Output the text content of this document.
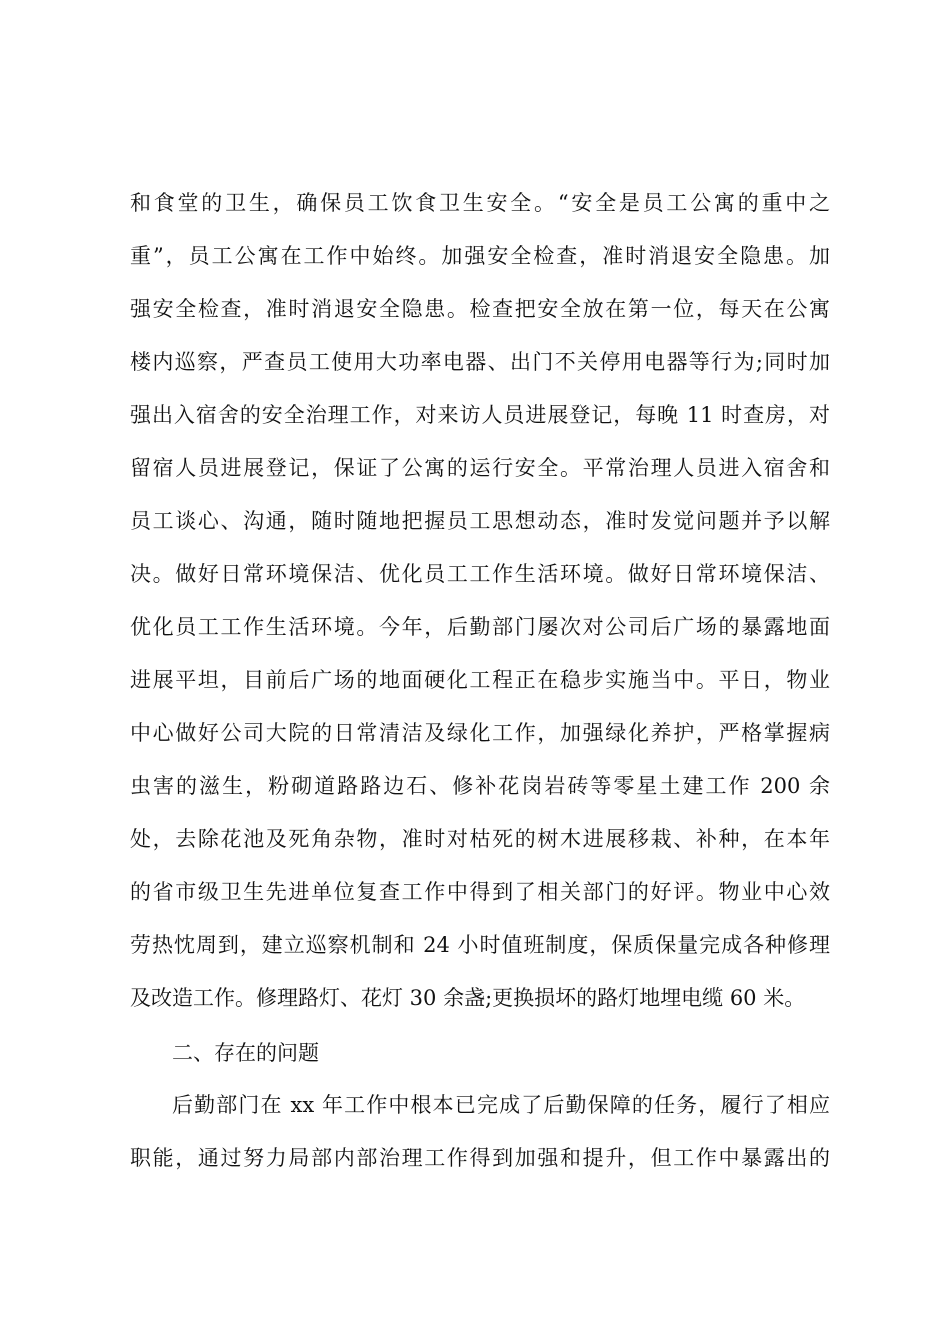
和食堂的卫生，确保员工饮食卫生安全。“安全是员工公寓的重中之
重”，员工公寓在工作中始终。加强安全检查，准时消退安全隐患。加
强安全检查，准时消退安全隐患。检查把安全放在第一位，每天在公寓
楼内巡察，严查员工使用大功率电器、出门不关停用电器等行为;同时加
强出入宿舍的安全治理工作，对来访人员进展登记，每晚 11 时查房，对
留宿人员进展登记，保证了公寓的运行安全。平常治理人员进入宿舍和
员工谈心、沟通，随时随地把握员工思想动态，准时发觉问题并予以解
决。做好日常环境保洁、优化员工工作生活环境。做好日常环境保洁、
优化员工工作生活环境。今年，后勤部门屡次对公司后广场的暴露地面
进展平坦，目前后广场的地面硬化工程正在稳步实施当中。平日，物业
中心做好公司大院的日常清洁及绿化工作，加强绿化养护，严格掌握病
虫害的滋生，粉砌道路路边石、修补花岗岩砖等零星土建工作 200 余
处，去除花池及死角杂物，准时对枯死的树木进展移栽、补种，在本年
的省市级卫生先进单位复查工作中得到了相关部门的好评。物业中心效
劳热忱周到，建立巡察机制和 24 小时值班制度，保质保量完成各种修理
及改造工作。修理路灯、花灯 30 余盏;更换损坏的路灯地埋电缆 60 米。
二、存在的问题
后勤部门在 xx 年工作中根本已完成了后勤保障的任务，履行了相应
职能，通过努力局部内部治理工作得到加强和提升，但工作中暴露出的
